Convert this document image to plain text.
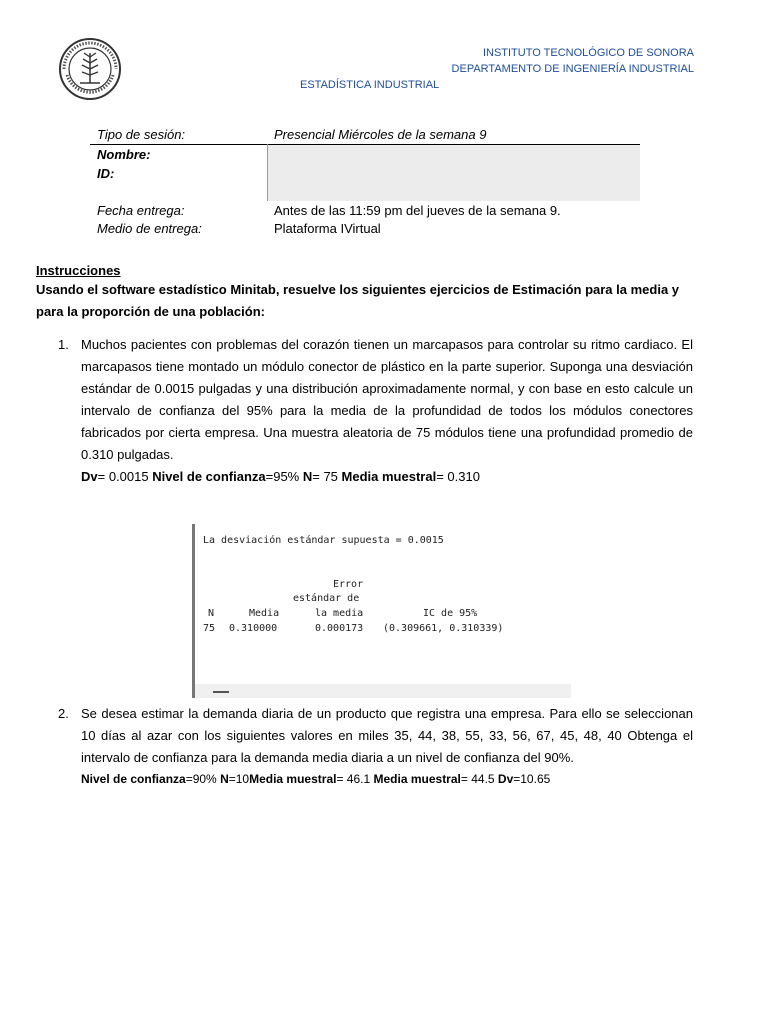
INSTITUTO TECNOLÓGICO DE SONORA
DEPARTAMENTO DE INGENIERÍA INDUSTRIAL
ESTADÍSTICA INDUSTRIAL
Tipo de sesión:	Presencial Miércoles de la semana 9
Nombre:
ID:
Fecha entrega:	Antes de las 11:59 pm del jueves de la semana 9.
Medio de entrega:	Plataforma IVirtual
Instrucciones
Usando el software estadístico Minitab, resuelve los siguientes ejercicios de Estimación para la media y para la proporción de una población:
1. Muchos pacientes con problemas del corazón tienen un marcapasos para controlar su ritmo cardiaco. El marcapasos tiene montado un módulo conector de plástico en la parte superior. Suponga una desviación estándar de 0.0015 pulgadas y una distribución aproximadamente normal, y con base en esto calcule un intervalo de confianza del 95% para la media de la profundidad de todos los módulos conectores fabricados por cierta empresa. Una muestra aleatoria de 75 módulos tiene una profundidad promedio de 0.310 pulgadas.
Dv= 0.0015 Nivel de confianza=95% N= 75 Media muestral= 0.310
La desviación estándar supuesta = 0.0015
Error
estándar de
N	Media	la media	IC de 95%
75 0.310000	0.000173 (0.309661, 0.310339)
2. Se desea estimar la demanda diaria de un producto que registra una empresa. Para ello se seleccionan 10 días al azar con los siguientes valores en miles 35, 44, 38, 55, 33, 56, 67, 45, 48, 40 Obtenga el intervalo de confianza para la demanda media diaria a un nivel de confianza del 90%.
Nivel de confianza=90% N=10Media muestral= 46.1 Media muestral= 44.5 Dv=10.65
